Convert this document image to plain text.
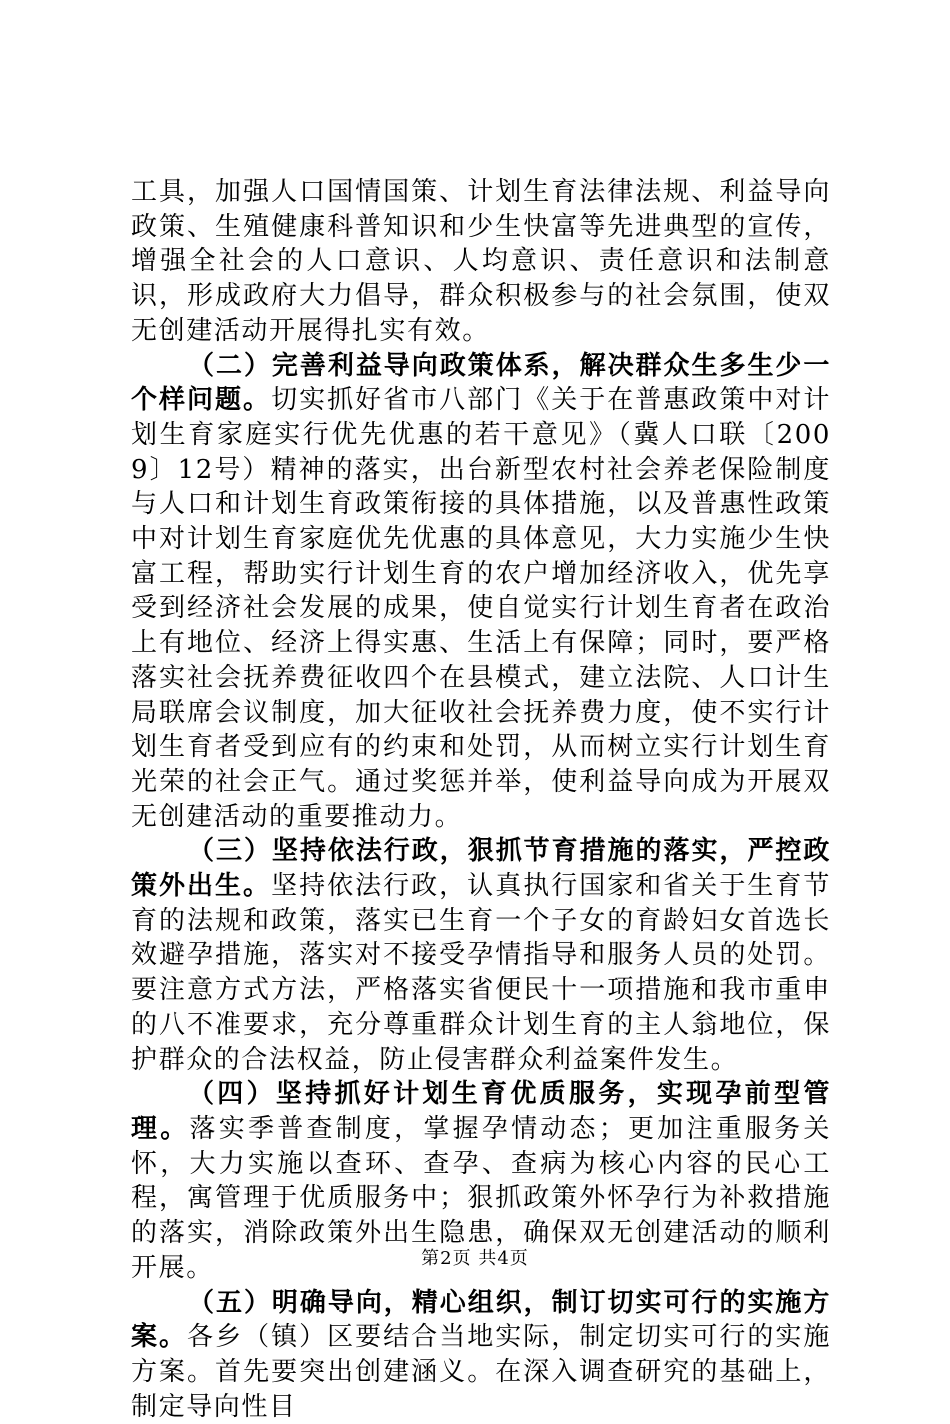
工具，加强人口国情国策、计划生育法律法规、利益导向政策、生殖健康科普知识和少生快富等先进典型的宣传，增强全社会的人口意识、人均意识、责任意识和法制意识，形成政府大力倡导，群众积极参与的社会氛围，使双无创建活动开展得扎实有效。

（二）完善利益导向政策体系，解决群众生多生少一个样问题。切实抓好省市八部门《关于在普惠政策中对计划生育家庭实行优先优惠的若干意见》（冀人口联〔2009〕12号）精神的落实，出台新型农村社会养老保险制度与人口和计划生育政策衔接的具体措施，以及普惠性政策中对计划生育家庭优先优惠的具体意见，大力实施少生快富工程，帮助实行计划生育的农户增加经济收入，优先享受到经济社会发展的成果，使自觉实行计划生育者在政治上有地位、经济上得实惠、生活上有保障；同时，要严格落实社会抚养费征收四个在县模式，建立法院、人口计生局联席会议制度，加大征收社会抚养费力度，使不实行计划生育者受到应有的约束和处罚，从而树立实行计划生育光荣的社会正气。通过奖惩并举，使利益导向成为开展双无创建活动的重要推动力。

（三）坚持依法行政，狠抓节育措施的落实，严控政策外出生。坚持依法行政，认真执行国家和省关于生育节育的法规和政策，落实已生育一个子女的育龄妇女首选长效避孕措施，落实对不接受孕情指导和服务人员的处罚。要注意方式方法，严格落实省便民十一项措施和我市重申的八不准要求，充分尊重群众计划生育的主人翁地位，保护群众的合法权益，防止侵害群众利益案件发生。

（四）坚持抓好计划生育优质服务，实现孕前型管理。落实季普查制度，掌握孕情动态；更加注重服务关怀，大力实施以查环、查孕、查病为核心内容的民心工程，寓管理于优质服务中；狠抓政策外怀孕行为补救措施的落实，消除政策外出生隐患，确保双无创建活动的顺利开展。

（五）明确导向，精心组织，制订切实可行的实施方案。各乡（镇）区要结合当地实际，制定切实可行的实施方案。首先要突出创建涵义。在深入调查研究的基础上，制定导向性目

第2页 共4页
